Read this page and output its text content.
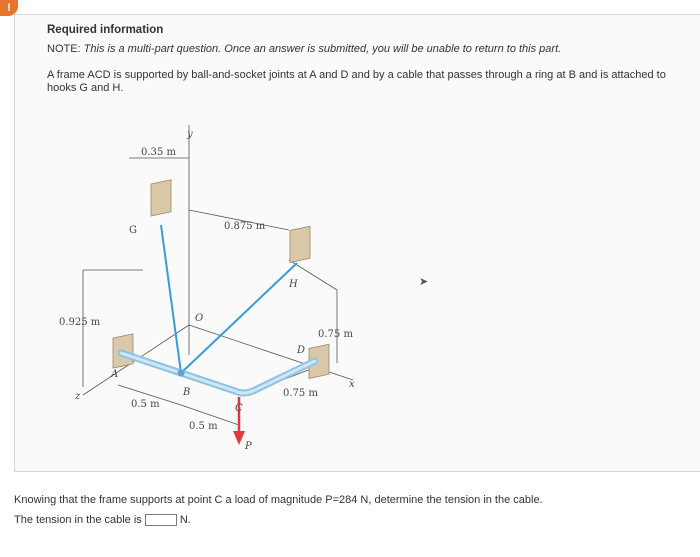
!
Required information
NOTE: This is a multi-part question. Once an answer is submitted, you will be unable to return to this part.
A frame ACD is supported by ball-and-socket joints at A and D and by a cable that passes through a ring at B and is attached to hooks G and H.
y
0.35 m
G	0.875 m
H
O
0.925 m
0.75 m
D
A
B
C
0.75 m
x
z
0.5 m
0.5 m
P
➤
Knowing that the frame supports at point C a load of magnitude P=284 N, determine the tension in the cable.
The tension in the cable is	N.
